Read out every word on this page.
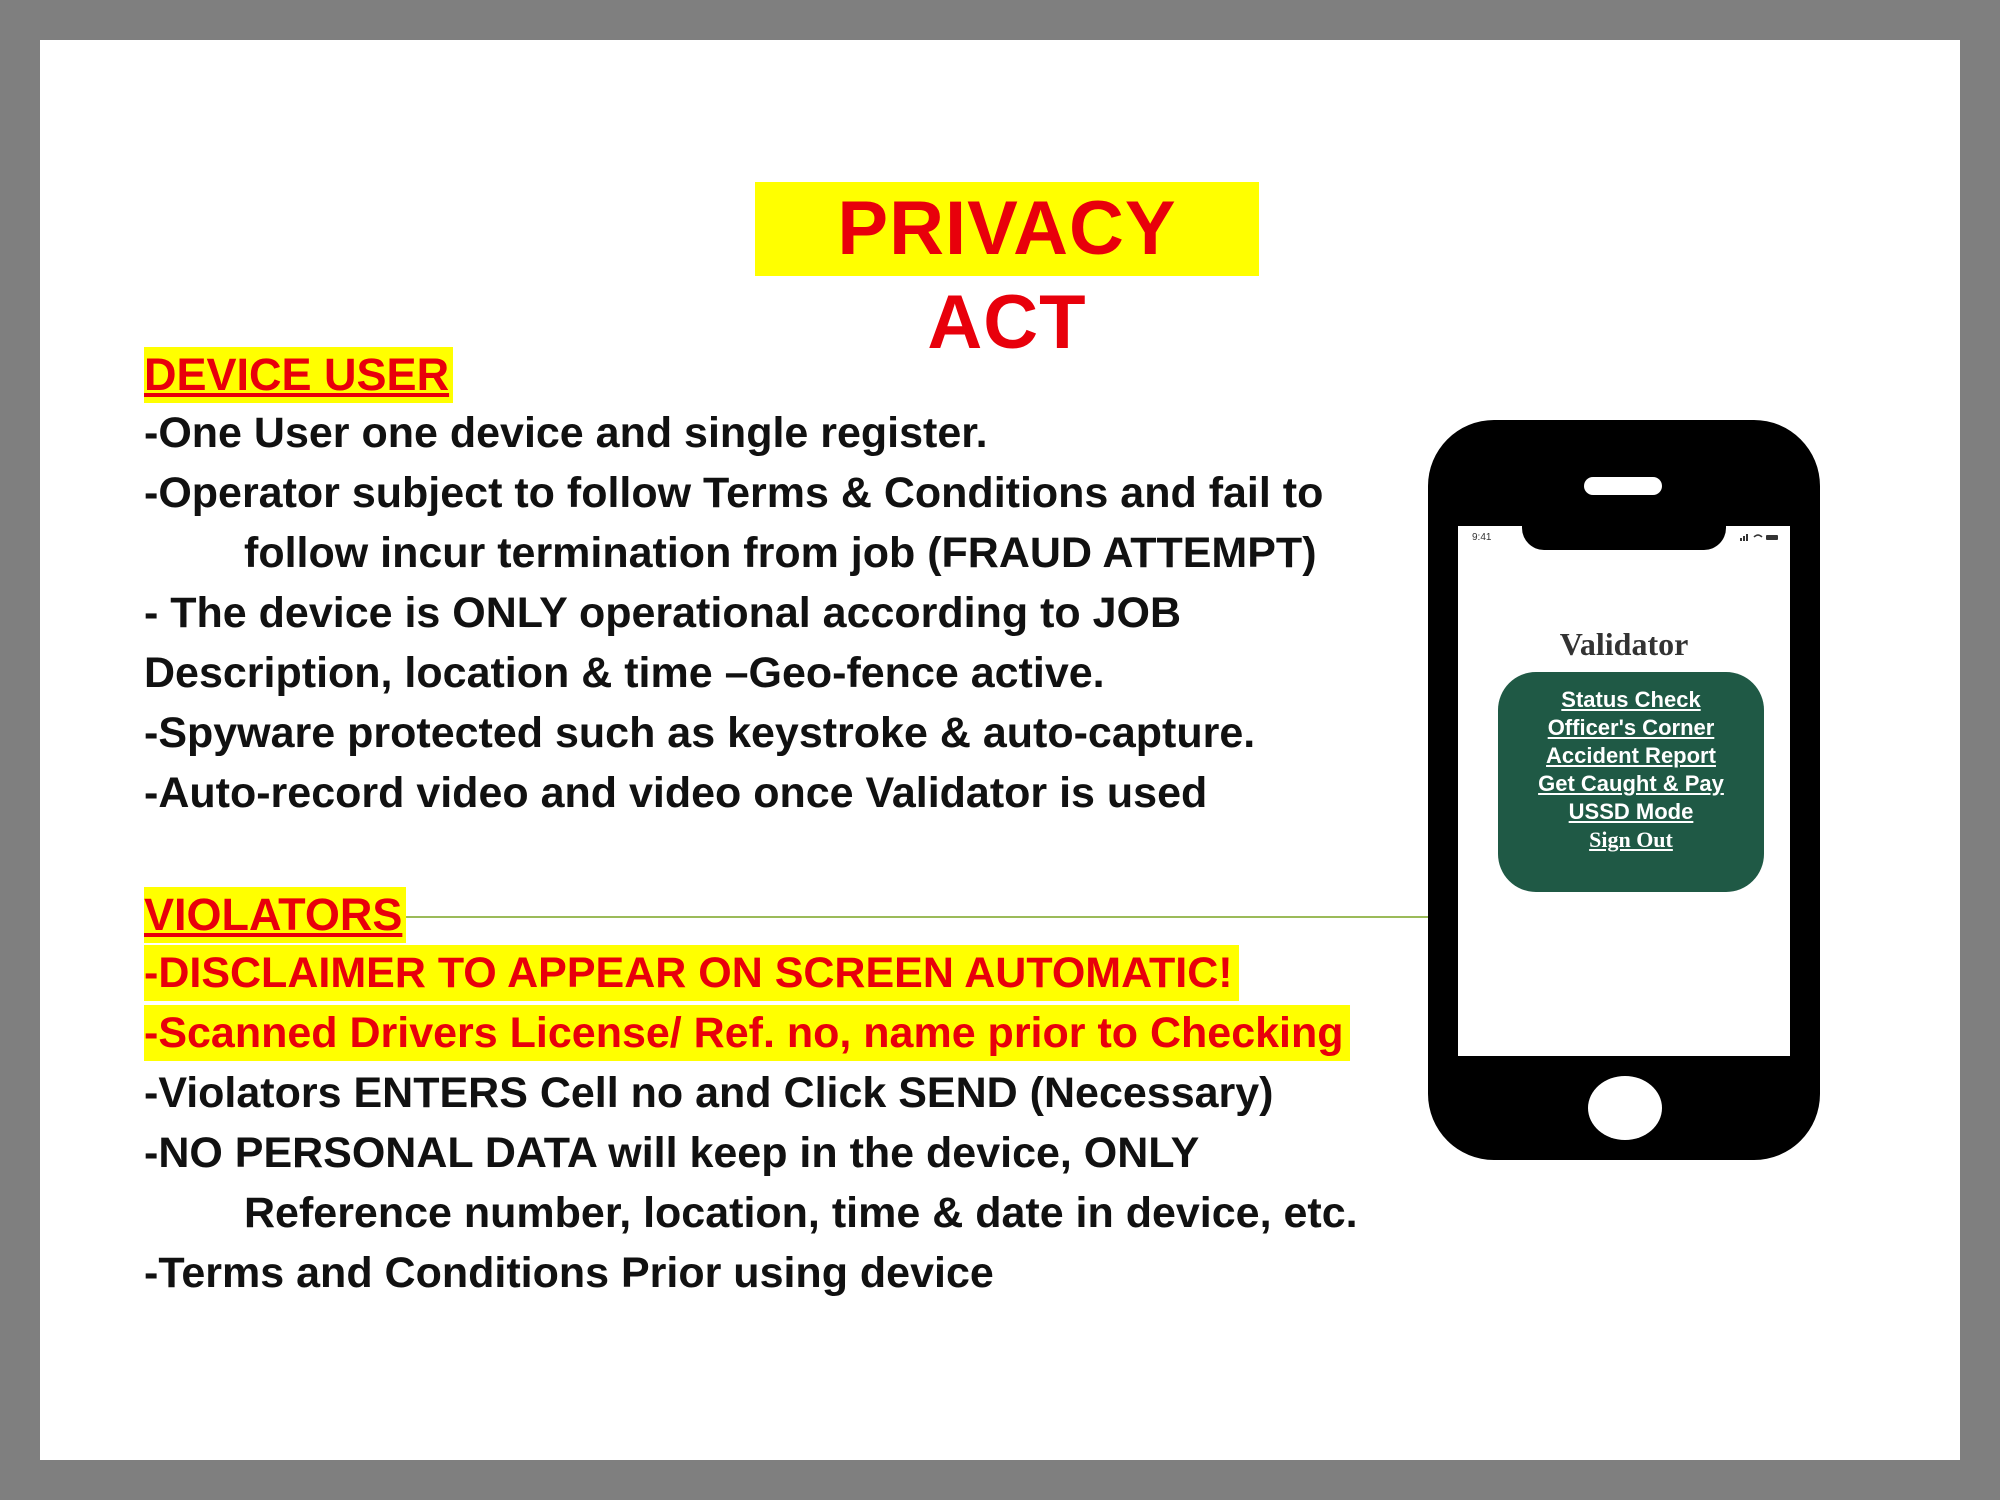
PRIVACY ACT
DEVICE USER
-One User one device and single register.
-Operator subject to follow Terms & Conditions and fail to
follow incur termination from job (FRAUD ATTEMPT)
- The device is ONLY operational according to JOB
Description, location & time –Geo-fence active.
-Spyware protected such as keystroke & auto-capture.
-Auto-record video and video once Validator is used
VIOLATORS
-DISCLAIMER TO APPEAR ON SCREEN AUTOMATIC!
-Scanned Drivers License/ Ref. no, name prior to Checking
-Violators ENTERS Cell no and Click SEND (Necessary)
-NO PERSONAL DATA will keep in the device, ONLY
Reference number, location, time & date in device, etc.
-Terms and Conditions Prior using device
9:41
Validator
Status Check
Officer's Corner
Accident Report
Get Caught & Pay
USSD Mode
Sign Out
